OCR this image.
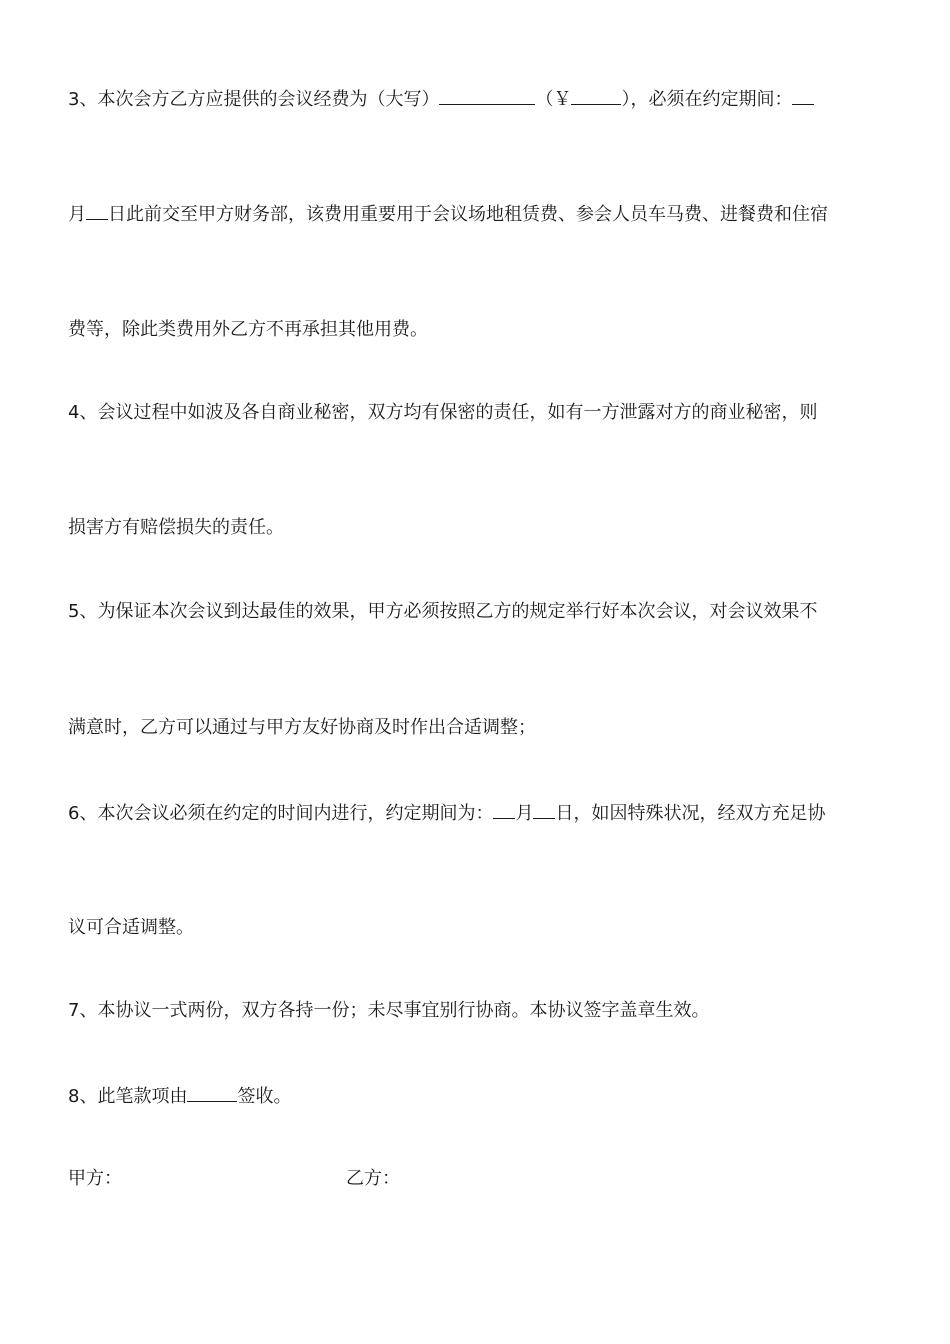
3、本次会方乙方应提供的会议经费为（大写）	（￥	），必须在约定期间：
月 日此前交至甲方财务部，该费用重要用于会议场地租赁费、参会人员车马费、进餐费和住宿
费等，除此类费用外乙方不再承担其他用费。
4、会议过程中如波及各自商业秘密，双方均有保密的责任，如有一方泄露对方的商业秘密，则
损害方有赔偿损失的责任。
5、为保证本次会议到达最佳的效果，甲方必须按照乙方的规定举行好本次会议，对会议效果不
满意时，乙方可以通过与甲方友好协商及时作出合适调整；
6、本次会议必须在约定的时间内进行，约定期间为： 月 日，如因特殊状况，经双方充足协
议可合适调整。
7、本协议一式两份，双方各持一份；未尽事宜别行协商。本协议签字盖章生效。
8、此笔款项由	签收。
甲方：	乙方：
